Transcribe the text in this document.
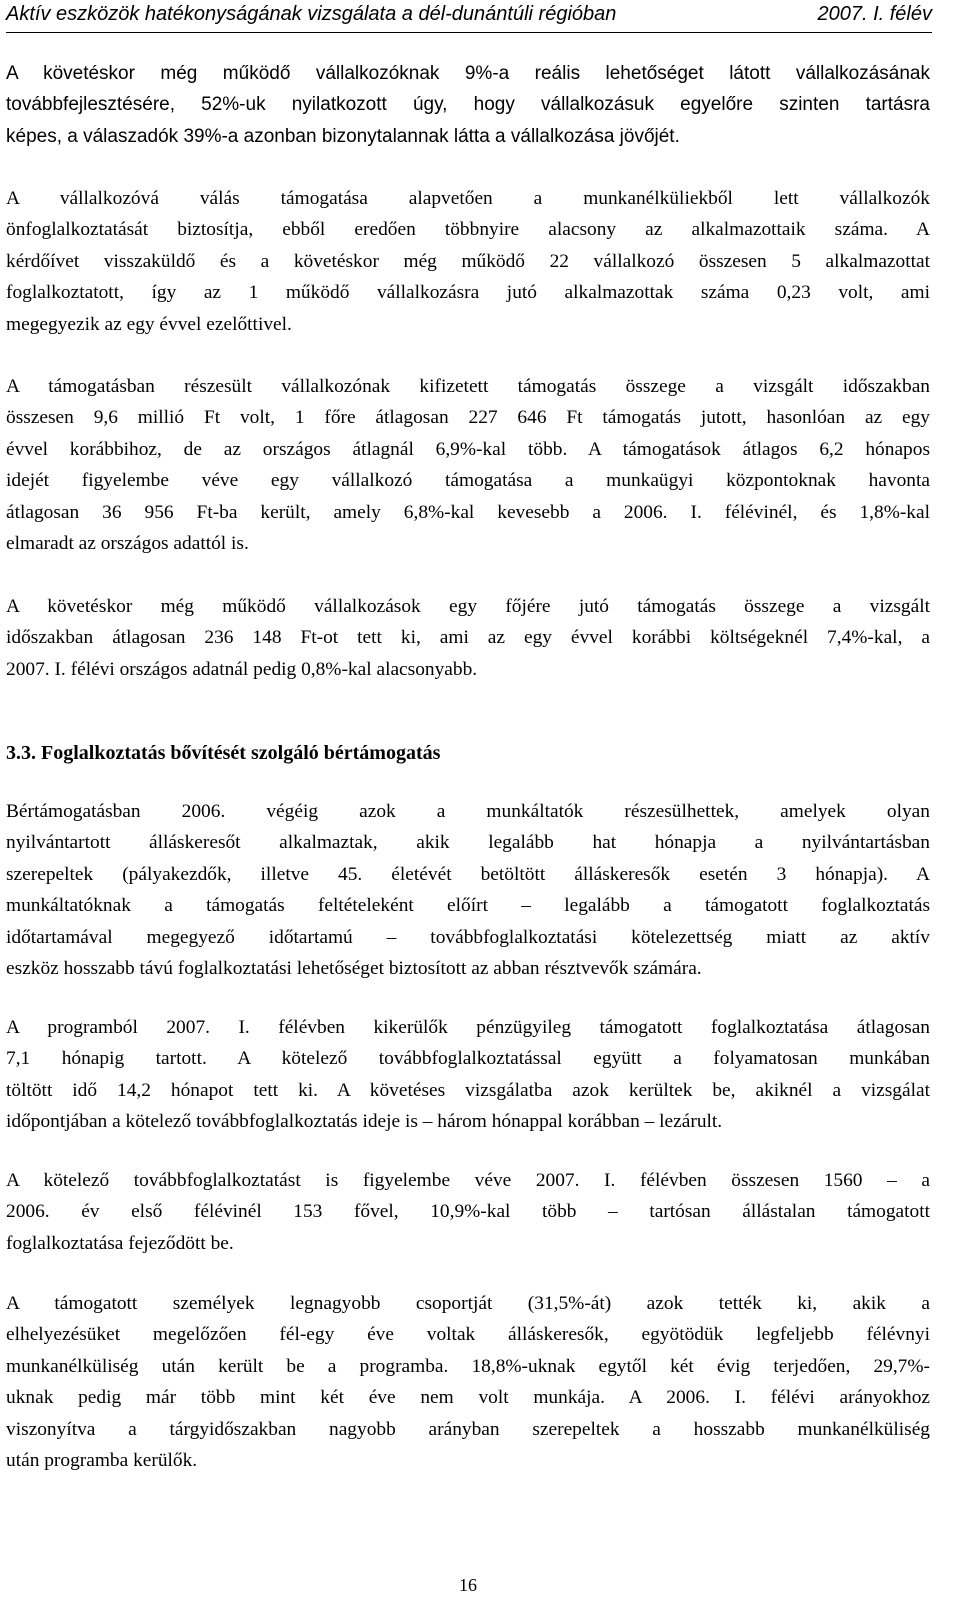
Aktív eszközök hatékonyságának vizsgálata a dél-dunántúli régióban	2007. I. félév
A követéskor még működő vállalkozóknak 9%-a reális lehetőséget látott vállalkozásának
továbbfejlesztésére, 52%-uk nyilatkozott úgy, hogy vállalkozásuk egyelőre szinten tartásra
képes, a válaszadók 39%-a azonban bizonytalannak látta a vállalkozása jövőjét.
A vállalkozóvá válás támogatása alapvetően a munkanélküliekből lett vállalkozók
önfoglalkoztatását biztosítja, ebből eredően többnyire alacsony az alkalmazottaik száma. A
kérdőívet visszaküldő és a követéskor még működő 22 vállalkozó összesen 5 alkalmazottat
foglalkoztatott, így az 1 működő vállalkozásra jutó alkalmazottak száma 0,23 volt, ami
megegyezik az egy évvel ezelőttivel.
A támogatásban részesült vállalkozónak kifizetett támogatás összege a vizsgált időszakban
összesen 9,6 millió Ft volt, 1 főre átlagosan 227 646 Ft támogatás jutott, hasonlóan az egy
évvel korábbihoz, de az országos átlagnál 6,9%-kal több. A támogatások átlagos 6,2 hónapos
idejét figyelembe véve egy vállalkozó támogatása a munkaügyi központoknak havonta
átlagosan 36 956 Ft-ba került, amely 6,8%-kal kevesebb a 2006. I. félévinél, és 1,8%-kal
elmaradt az országos adattól is.
A követéskor még működő vállalkozások egy főjére jutó támogatás összege a vizsgált
időszakban átlagosan 236 148 Ft-ot tett ki, ami az egy évvel korábbi költségeknél 7,4%-kal, a
2007. I. félévi országos adatnál pedig 0,8%-kal alacsonyabb.
3.3. Foglalkoztatás bővítését szolgáló bértámogatás
Bértámogatásban 2006. végéig azok a munkáltatók részesülhettek, amelyek olyan
nyilvántartott álláskeresőt alkalmaztak, akik legalább hat hónapja a nyilvántartásban
szerepeltek (pályakezdők, illetve 45. életévét betöltött álláskeresők esetén 3 hónapja). A
munkáltatóknak a támogatás feltételeként előírt – legalább a támogatott foglalkoztatás
időtartamával megegyező időtartamú – továbbfoglalkoztatási kötelezettség miatt az aktív
eszköz hosszabb távú foglalkoztatási lehetőséget biztosított az abban résztvevők számára.
A programból 2007. I. félévben kikerülők pénzügyileg támogatott foglalkoztatása átlagosan
7,1 hónapig tartott. A kötelező továbbfoglalkoztatással együtt a folyamatosan munkában
töltött idő 14,2 hónapot tett ki. A követéses vizsgálatba azok kerültek be, akiknél a vizsgálat
időpontjában a kötelező továbbfoglalkoztatás ideje is – három hónappal korábban – lezárult.
A kötelező továbbfoglalkoztatást is figyelembe véve 2007. I. félévben összesen 1560 – a
2006. év első félévinél 153 fővel, 10,9%-kal több – tartósan állástalan támogatott
foglalkoztatása fejeződött be.
A támogatott személyek legnagyobb csoportját (31,5%-át) azok tették ki, akik a
elhelyezésüket megelőzően fél-egy éve voltak álláskeresők, egyötödük legfeljebb félévnyi
munkanélküliség után került be a programba. 18,8%-uknak egytől két évig terjedően, 29,7%-
uknak pedig már több mint két éve nem volt munkája. A 2006. I. félévi arányokhoz
viszonyítva a tárgyidőszakban nagyobb arányban szerepeltek a hosszabb munkanélküliség
után programba kerülők.
16
